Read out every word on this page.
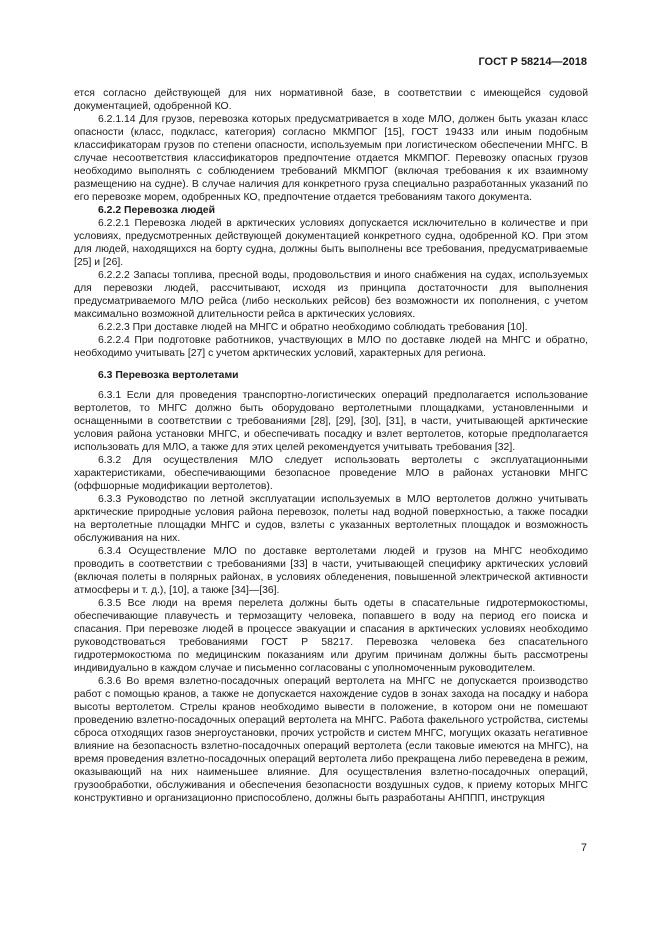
ГОСТ Р 58214—2018

ется согласно действующей для них нормативной базе, в соответствии с имеющейся судовой документацией, одобренной КО.

6.2.1.14 Для грузов, перевозка которых предусматривается в ходе МЛО, должен быть указан класс опасности (класс, подкласс, категория) согласно МКМПОГ [15], ГОСТ 19433 или иным подобным классификаторам грузов по степени опасности, используемым при логистическом обеспечении МНГС. В случае несоответствия классификаторов предпочтение отдается МКМПОГ. Перевозку опасных грузов необходимо выполнять с соблюдением требований МКМПОГ (включая требования к их взаимному размещению на судне). В случае наличия для конкретного груза специально разработанных указаний по его перевозке морем, одобренных КО, предпочтение отдается требованиям такого документа.

6.2.2 Перевозка людей

6.2.2.1 Перевозка людей в арктических условиях допускается исключительно в количестве и при условиях, предусмотренных действующей документацией конкретного судна, одобренной КО. При этом для людей, находящихся на борту судна, должны быть выполнены все требования, предусматриваемые [25] и [26].

6.2.2.2 Запасы топлива, пресной воды, продовольствия и иного снабжения на судах, используемых для перевозки людей, рассчитывают, исходя из принципа достаточности для выполнения предусматриваемого МЛО рейса (либо нескольких рейсов) без возможности их пополнения, с учетом максимально возможной длительности рейса в арктических условиях.

6.2.2.3 При доставке людей на МНГС и обратно необходимо соблюдать требования [10].

6.2.2.4 При подготовке работников, участвующих в МЛО по доставке людей на МНГС и обратно, необходимо учитывать [27] с учетом арктических условий, характерных для региона.

6.3 Перевозка вертолетами

6.3.1 Если для проведения транспортно-логистических операций предполагается использование вертолетов, то МНГС должно быть оборудовано вертолетными площадками, установленными и оснащенными в соответствии с требованиями [28], [29], [30], [31], в части, учитывающей арктические условия района установки МНГС, и обеспечивать посадку и взлет вертолетов, которые предполагается использовать для МЛО, а также для этих целей рекомендуется учитывать требования [32].

6.3.2 Для осуществления МЛО следует использовать вертолеты с эксплуатационными характеристиками, обеспечивающими безопасное проведение МЛО в районах установки МНГС (оффшорные модификации вертолетов).

6.3.3 Руководство по летной эксплуатации используемых в МЛО вертолетов должно учитывать арктические природные условия района перевозок, полеты над водной поверхностью, а также посадки на вертолетные площадки МНГС и судов, взлеты с указанных вертолетных площадок и возможность обслуживания на них.

6.3.4 Осуществление МЛО по доставке вертолетами людей и грузов на МНГС необходимо проводить в соответствии с требованиями [33] в части, учитывающей специфику арктических условий (включая полеты в полярных районах, в условиях обледенения, повышенной электрической активности атмосферы и т. д.), [10], а также [34]—[36].

6.3.5 Все люди на время перелета должны быть одеты в спасательные гидротермокостюмы, обеспечивающие плавучесть и термозащиту человека, попавшего в воду на период его поиска и спасания. При перевозке людей в процессе эвакуации и спасания в арктических условиях необходимо руководствоваться требованиями ГОСТ Р 58217. Перевозка человека без спасательного гидротермокостюма по медицинским показаниям или другим причинам должны быть рассмотрены индивидуально в каждом случае и письменно согласованы с уполномоченным руководителем.

6.3.6 Во время взлетно-посадочных операций вертолета на МНГС не допускается производство работ с помощью кранов, а также не допускается нахождение судов в зонах захода на посадку и набора высоты вертолетом. Стрелы кранов необходимо вывести в положение, в котором они не помешают проведению взлетно-посадочных операций вертолета на МНГС. Работа факельного устройства, системы сброса отходящих газов энергоустановки, прочих устройств и систем МНГС, могущих оказать негативное влияние на безопасность взлетно-посадочных операций вертолета (если таковые имеются на МНГС), на время проведения взлетно-посадочных операций вертолета либо прекращена либо переведена в режим, оказывающий на них наименьшее влияние. Для осуществления взлетно-посадочных операций, грузообработки, обслуживания и обеспечения безопасности воздушных судов, к приему которых МНГС конструктивно и организационно приспособлено, должны быть разработаны АНППП, инструкция

7
